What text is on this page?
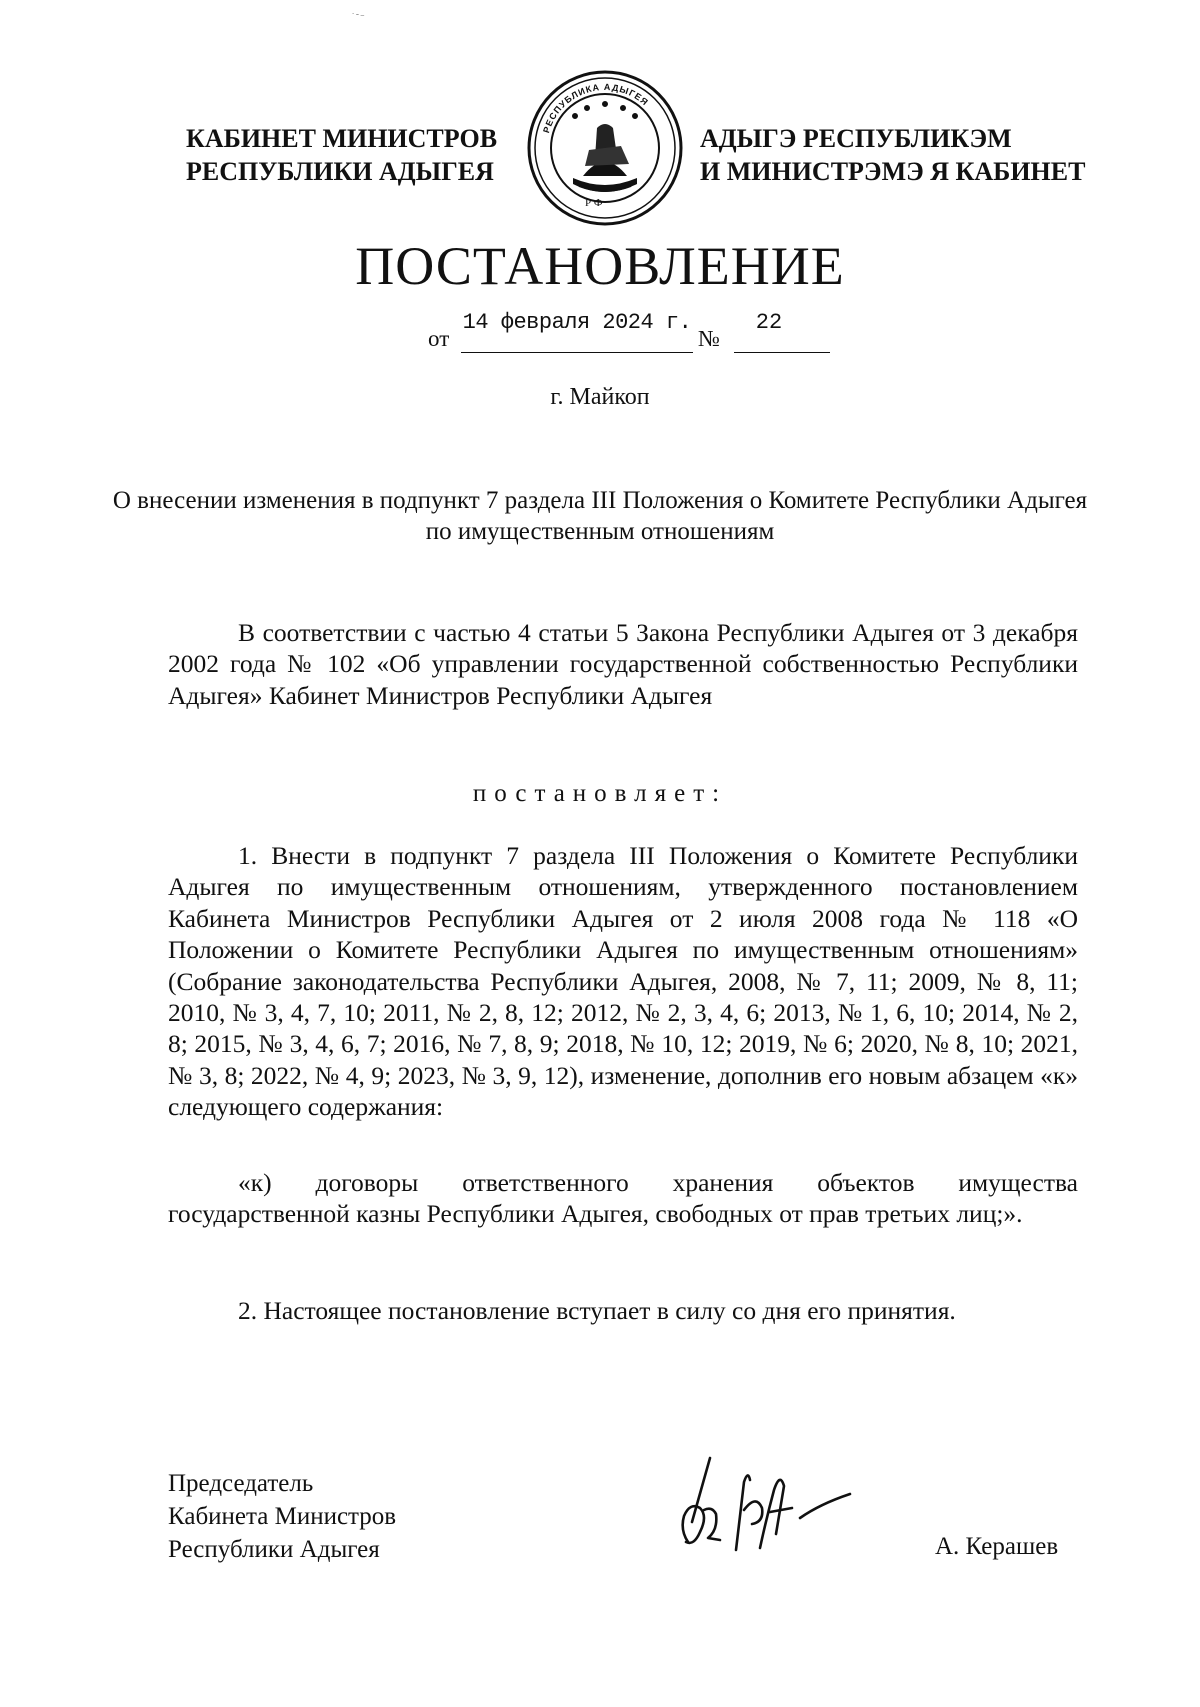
˙ˉ⁻
КАБИНЕТ МИНИСТРОВ
РЕСПУБЛИКИ АДЫГЕЯ
РЕСПУБЛИКА АДЫГЕЯ
Р Ф
АДЫГЭ РЕСПУБЛИКЭМ
И МИНИСТРЭМЭ Я КАБИНЕТ
ПОСТАНОВЛЕНИЕ
от
14 февраля 2024 г.
№
22
г. Майкоп
О внесении изменения в подпункт 7 раздела III Положения о Комитете Республики Адыгея по имущественным отношениям

В соответствии с частью 4 статьи 5 Закона Республики Адыгея от 3 декабря 2002 года № 102 «Об управлении государственной собственностью Республики Адыгея» Кабинет Министров Республики Адыгея

постановляет:

1. Внести в подпункт 7 раздела III Положения о Комитете Республики Адыгея по имущественным отношениям, утвержденного постановлением Кабинета Министров Республики Адыгея от 2 июля 2008 года № 118 «О Положении о Комитете Республики Адыгея по имущественным отношениям» (Собрание законодательства Республики Адыгея, 2008, № 7, 11; 2009, № 8, 11; 2010, № 3, 4, 7, 10; 2011, № 2, 8, 12; 2012, № 2, 3, 4, 6; 2013, № 1, 6, 10; 2014, № 2, 8; 2015, № 3, 4, 6, 7; 2016, № 7, 8, 9; 2018, № 10, 12; 2019, № 6; 2020, № 8, 10; 2021, № 3, 8; 2022, № 4, 9; 2023, № 3, 9, 12), изменение, дополнив его новым абзацем «к» следующего содержания:

«к) договоры ответственного хранения объектов имущества государственной казны Республики Адыгея, свободных от прав третьих лиц;».

2. Настоящее постановление вступает в силу со дня его принятия.

Председатель
Кабинета Министров
Республики Адыгея	А. Керашев
